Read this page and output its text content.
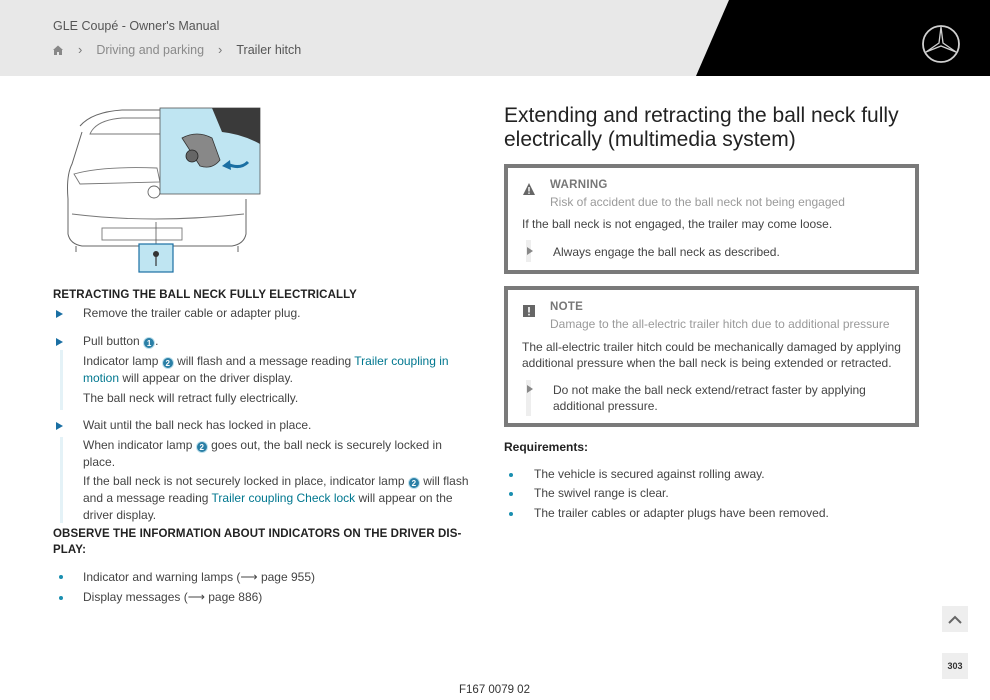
GLE Coupé - Owner's Manual
› Driving and parking › Trailer hitch
RETRACTING THE BALL NECK FULLY ELECTRICALLY
Remove the trailer cable or adapter plug.
Pull button 1 .
Indicator lamp 2 will flash and a message reading Trailer coupling in motion will appear on the driver display.
The ball neck will retract fully electrically.
Wait until the ball neck has locked in place.
When indicator lamp 2 goes out, the ball neck is securely locked in place.
If the ball neck is not securely locked in place, indicator lamp 2 will flash and a message reading Trailer coupling Check lock will appear on the driver display.
OBSERVE THE INFORMATION ABOUT INDICATORS ON THE DRIVER DIS-PLAY:
Indicator and warning lamps (⟶ page 955)
Display messages (⟶ page 886)
Extending and retracting the ball neck fully electrically (multimedia system)
WARNING
Risk of accident due to the ball neck not being engaged
If the ball neck is not engaged, the trailer may come loose.
Always engage the ball neck as described.
NOTE
Damage to the all-electric trailer hitch due to additional pressure
The all-electric trailer hitch could be mechanically damaged by applying additional pressure when the ball neck is being extended or retracted.
Do not make the ball neck extend/retract faster by applying additional pressure.
Requirements:
The vehicle is secured against rolling away.
The swivel range is clear.
The trailer cables or adapter plugs have been removed.
303
F167 0079 02
